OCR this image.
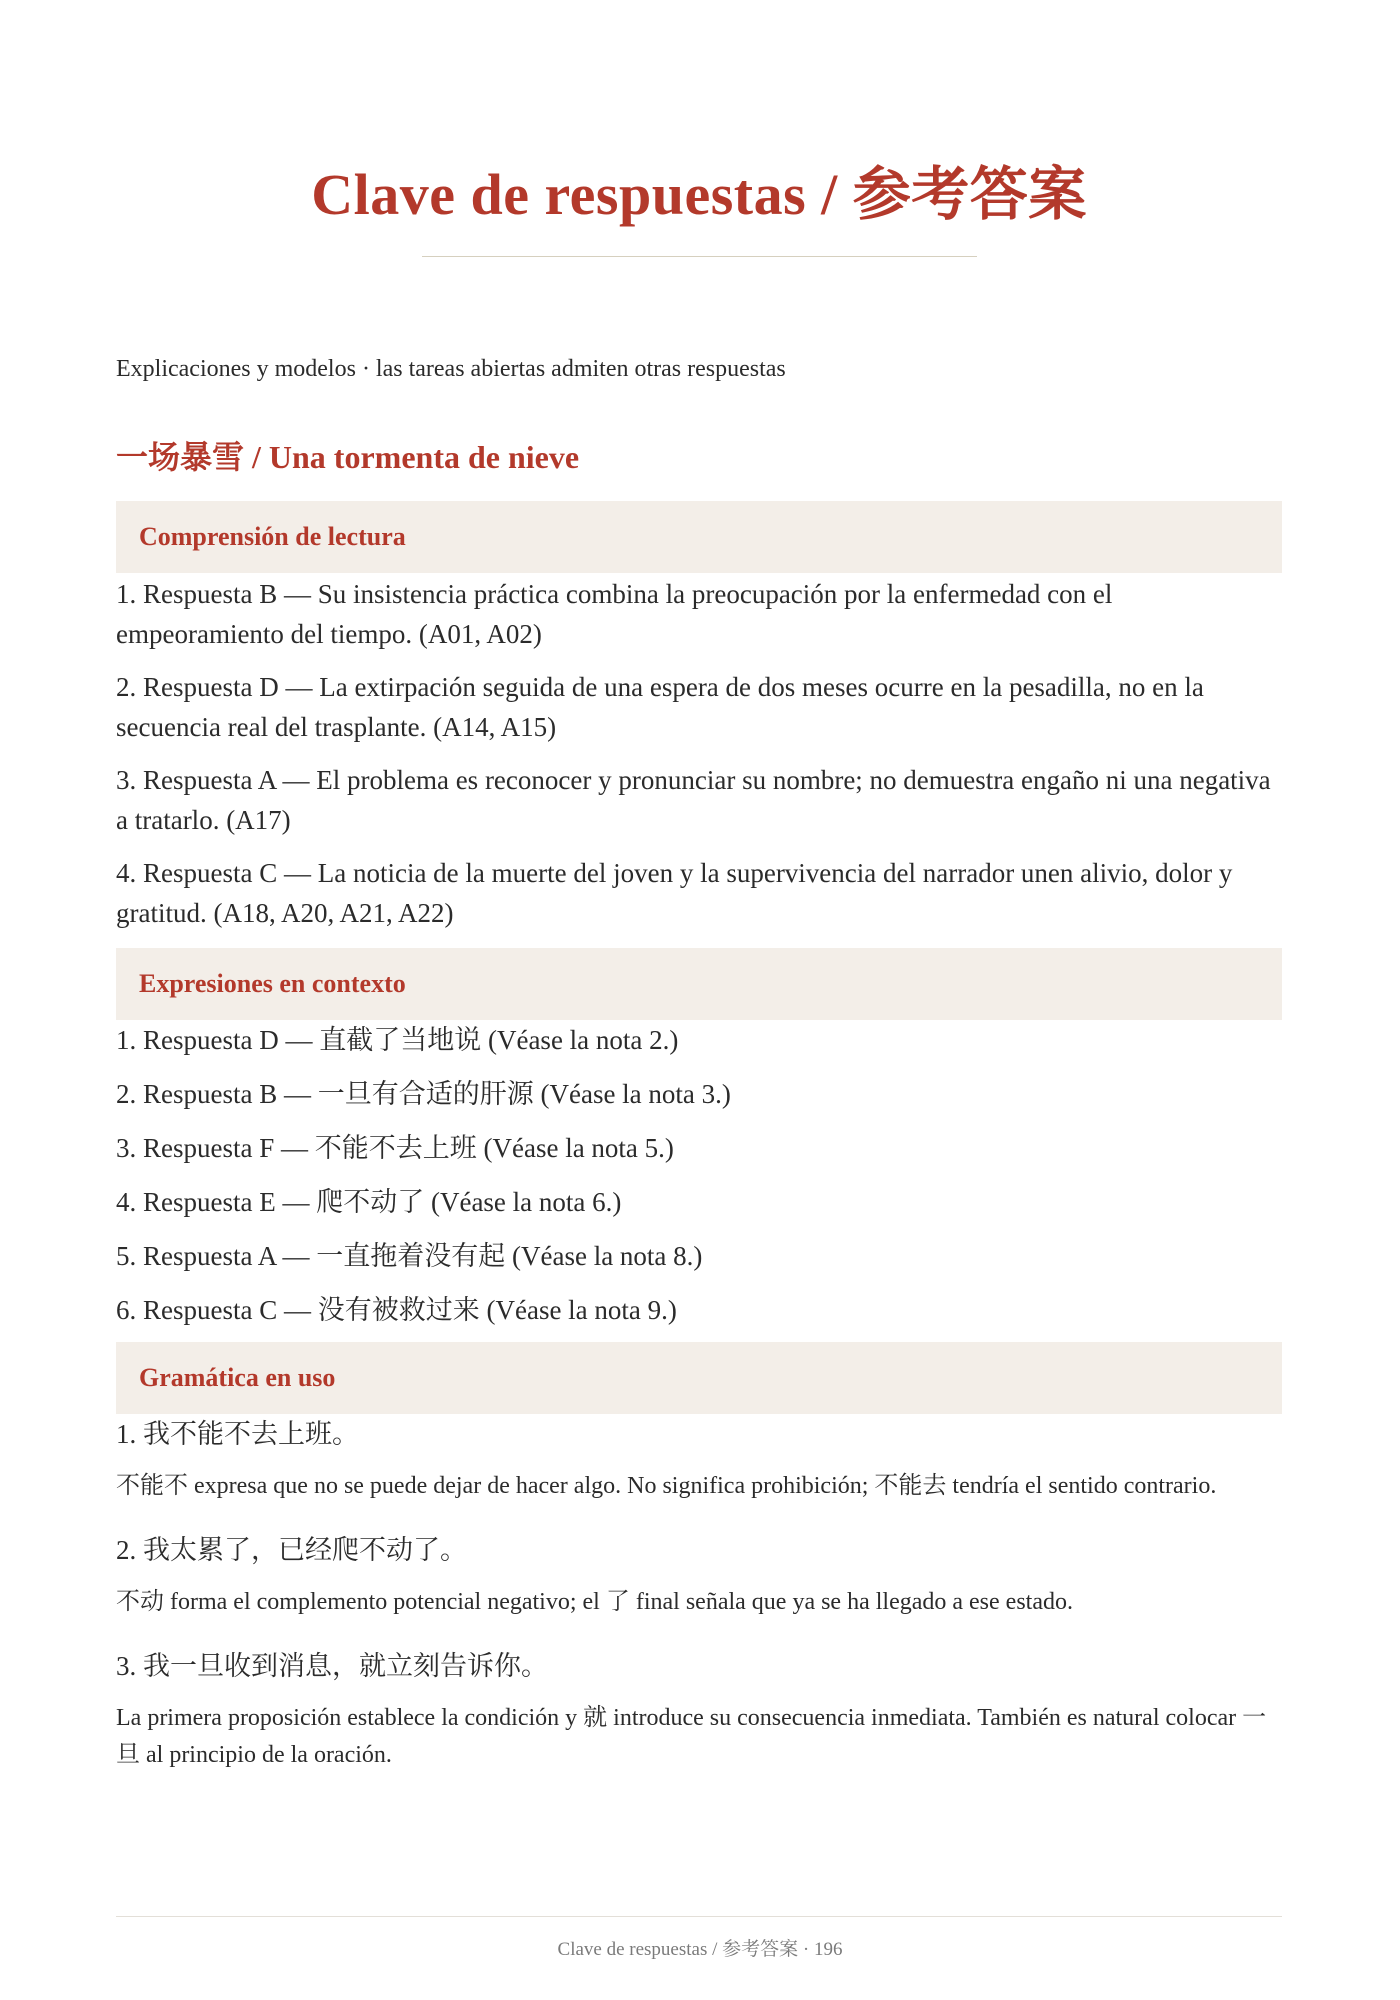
Clave de respuestas / 参考答案

Explicaciones y modelos · las tareas abiertas admiten otras respuestas

一场暴雪 / Una tormenta de nieve
Comprensión de lectura

1. Respuesta B — Su insistencia práctica combina la preocupación por la enfermedad con el empeoramiento del tiempo. (A01, A02)

2. Respuesta D — La extirpación seguida de una espera de dos meses ocurre en la pesadilla, no en la secuencia real del trasplante. (A14, A15)

3. Respuesta A — El problema es reconocer y pronunciar su nombre; no demuestra engaño ni una negativa a tratarlo. (A17)

4. Respuesta C — La noticia de la muerte del joven y la supervivencia del narrador unen alivio, dolor y gratitud. (A18, A20, A21, A22)

Expresiones en contexto

1. Respuesta D — 直截了当地说 (Véase la nota 2.)

2. Respuesta B — 一旦有合适的肝源 (Véase la nota 3.)

3. Respuesta F — 不能不去上班 (Véase la nota 5.)

4. Respuesta E — 爬不动了 (Véase la nota 6.)

5. Respuesta A — 一直拖着没有起 (Véase la nota 8.)

6. Respuesta C — 没有被救过来 (Véase la nota 9.)

Gramática en uso

1. 我不能不去上班。

不能不 expresa que no se puede dejar de hacer algo. No significa prohibición; 不能去 tendría el sentido contrario.

2. 我太累了，已经爬不动了。

不动 forma el complemento potencial negativo; el 了 final señala que ya se ha llegado a ese estado.

3. 我一旦收到消息，就立刻告诉你。

La primera proposición establece la condición y 就 introduce su consecuencia inmediata. También es natural colocar 一旦 al principio de la oración.

Clave de respuestas / 参考答案 · 196
